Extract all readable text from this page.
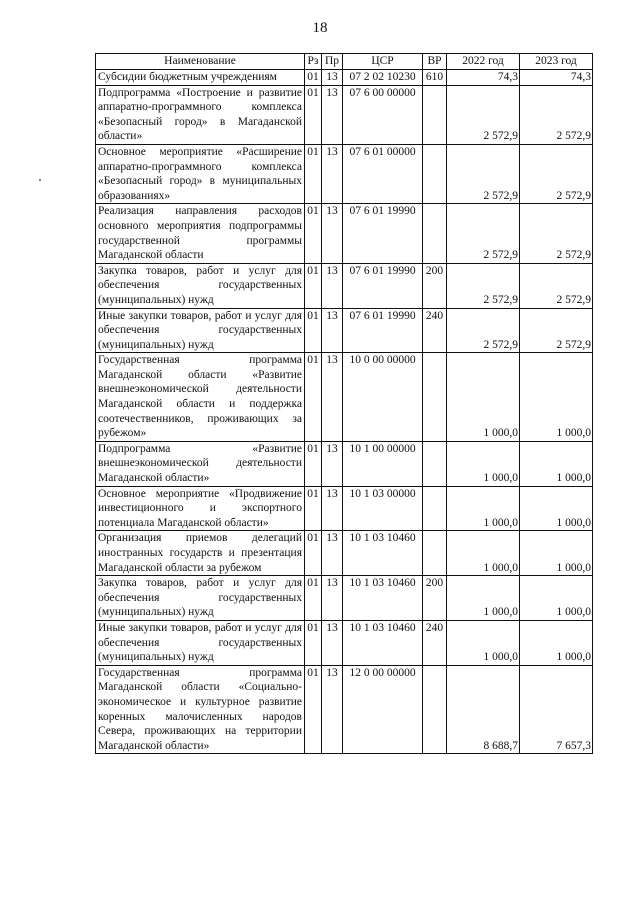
18
Наименование	Рз	Пр	ЦСР	ВР	2022 год	2023 год
Субсидии бюджетным учреждениям	01	13	07 2 02 10230	610	74,3	74,3
Подпрограмма «Построение и развитие аппаратно-программного комплекса «Безопасный город» в Магаданской области»	01	13	07 6 00 00000		2 572,9	2 572,9
Основное мероприятие «Расширение аппаратно-программного комплекса «Безопасный город» в муниципальных образованиях»	01	13	07 6 01 00000		2 572,9	2 572,9
Реализация направления расходов основного мероприятия подпрограммы государственной программы Магаданской области	01	13	07 6 01 19990		2 572,9	2 572,9
Закупка товаров, работ и услуг для обеспечения государственных (муниципальных) нужд	01	13	07 6 01 19990	200	2 572,9	2 572,9
Иные закупки товаров, работ и услуг для обеспечения государственных (муниципальных) нужд	01	13	07 6 01 19990	240	2 572,9	2 572,9
Государственная программа Магаданской области «Развитие внешнеэкономической деятельности Магаданской области и поддержка соотечественников, проживающих за рубежом»	01	13	10 0 00 00000		1 000,0	1 000,0
Подпрограмма «Развитие внешнеэкономической деятельности Магаданской области»	01	13	10 1 00 00000		1 000,0	1 000,0
Основное мероприятие «Продвижение инвестиционного и экспортного потенциала Магаданской области»	01	13	10 1 03 00000		1 000,0	1 000,0
Организация приемов делегаций иностранных государств и презентация Магаданской области за рубежом	01	13	10 1 03 10460		1 000,0	1 000,0
Закупка товаров, работ и услуг для обеспечения государственных (муниципальных) нужд	01	13	10 1 03 10460	200	1 000,0	1 000,0
Иные закупки товаров, работ и услуг для обеспечения государственных (муниципальных) нужд	01	13	10 1 03 10460	240	1 000,0	1 000,0
Государственная программа Магаданской области «Социально-экономическое и культурное развитие коренных малочисленных народов Севера, проживающих на территории Магаданской области»	01	13	12 0 00 00000		8 688,7	7 657,3
